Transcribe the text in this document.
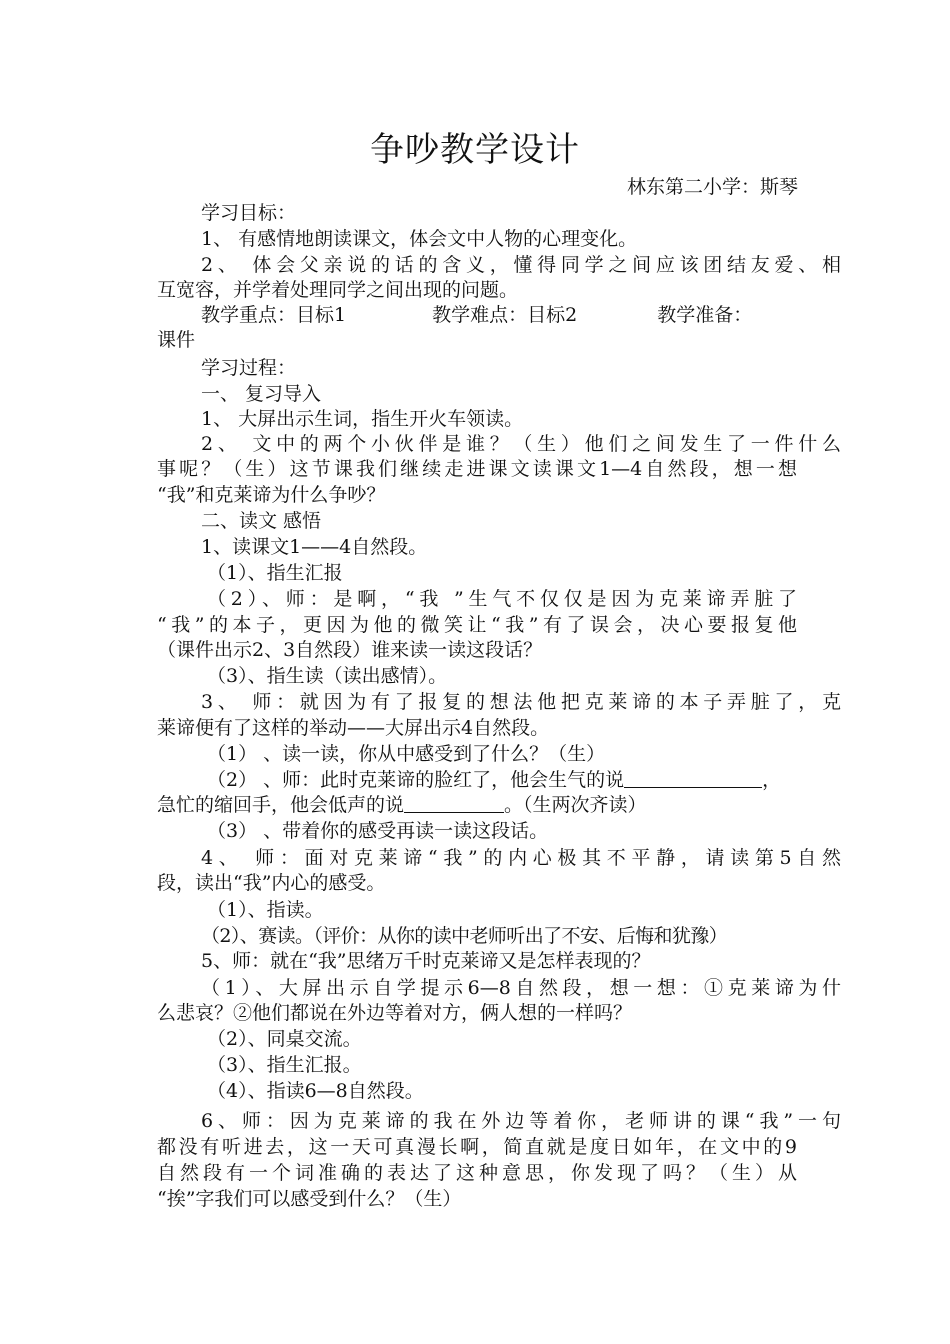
争吵教学设计
林东第二小学：斯琴
学习目标：
1、 有感情地朗读课文，体会文中人物的心理变化。
2、 体会父亲说的话的含义，懂得同学之间应该团结友爱、相
互宽容，并学着处理同学之间出现的问题。
教学重点：目标1	教学难点：目标2	教学准备：
课件
学习过程：
一、 复习导入
1、 大屏出示生词，指生开火车领读。
2、 文中的两个小伙伴是谁？（生）他们之间发生了一件什么
事呢？（生）这节课我们继续走进课文读课文1—4自然段，想一想
“我”和克莱谛为什么争吵？
二、读文 感悟
1、读课文1——4自然段。
（1）、指生汇报
（2）、师：是啊，“我 ”生气不仅仅是因为克莱谛弄脏了
“我”的本子，更因为他的微笑让“我”有了误会，决心要报复他
（课件出示2、3自然段）谁来读一读这段话？
（3）、指生读（读出感情）。
3、 师：就因为有了报复的想法他把克莱谛的本子弄脏了，克
莱谛便有了这样的举动——大屏出示4自然段。
（1） 、读一读，你从中感受到了什么？（生）
（2） 、师：此时克莱谛的脸红了，他会生气的说	，
急忙的缩回手，他会低声的说	。（生两次齐读）
（3） 、带着你的感受再读一读这段话。
4、 师：面对克莱谛“我”的内心极其不平静，请读第5自然
段，读出“我”内心的感受。
（1）、指读。
（2）、赛读。（评价：从你的读中老师听出了不安、后悔和犹豫）
5、师：就在“我”思绪万千时克莱谛又是怎样表现的？
（1）、大屏出示自学提示6—8自然段，想一想：①克莱谛为什
么悲哀？②他们都说在外边等着对方，俩人想的一样吗？
（2）、同桌交流。
（3）、指生汇报。
（4）、指读6—8自然段。
6、师：因为克莱谛的我在外边等着你，老师讲的课“我”一句
都没有听进去，这一天可真漫长啊，简直就是度日如年，在文中的9
自然段有一个词准确的表达了这种意思，你发现了吗？（生）从
“挨”字我们可以感受到什么？（生）
